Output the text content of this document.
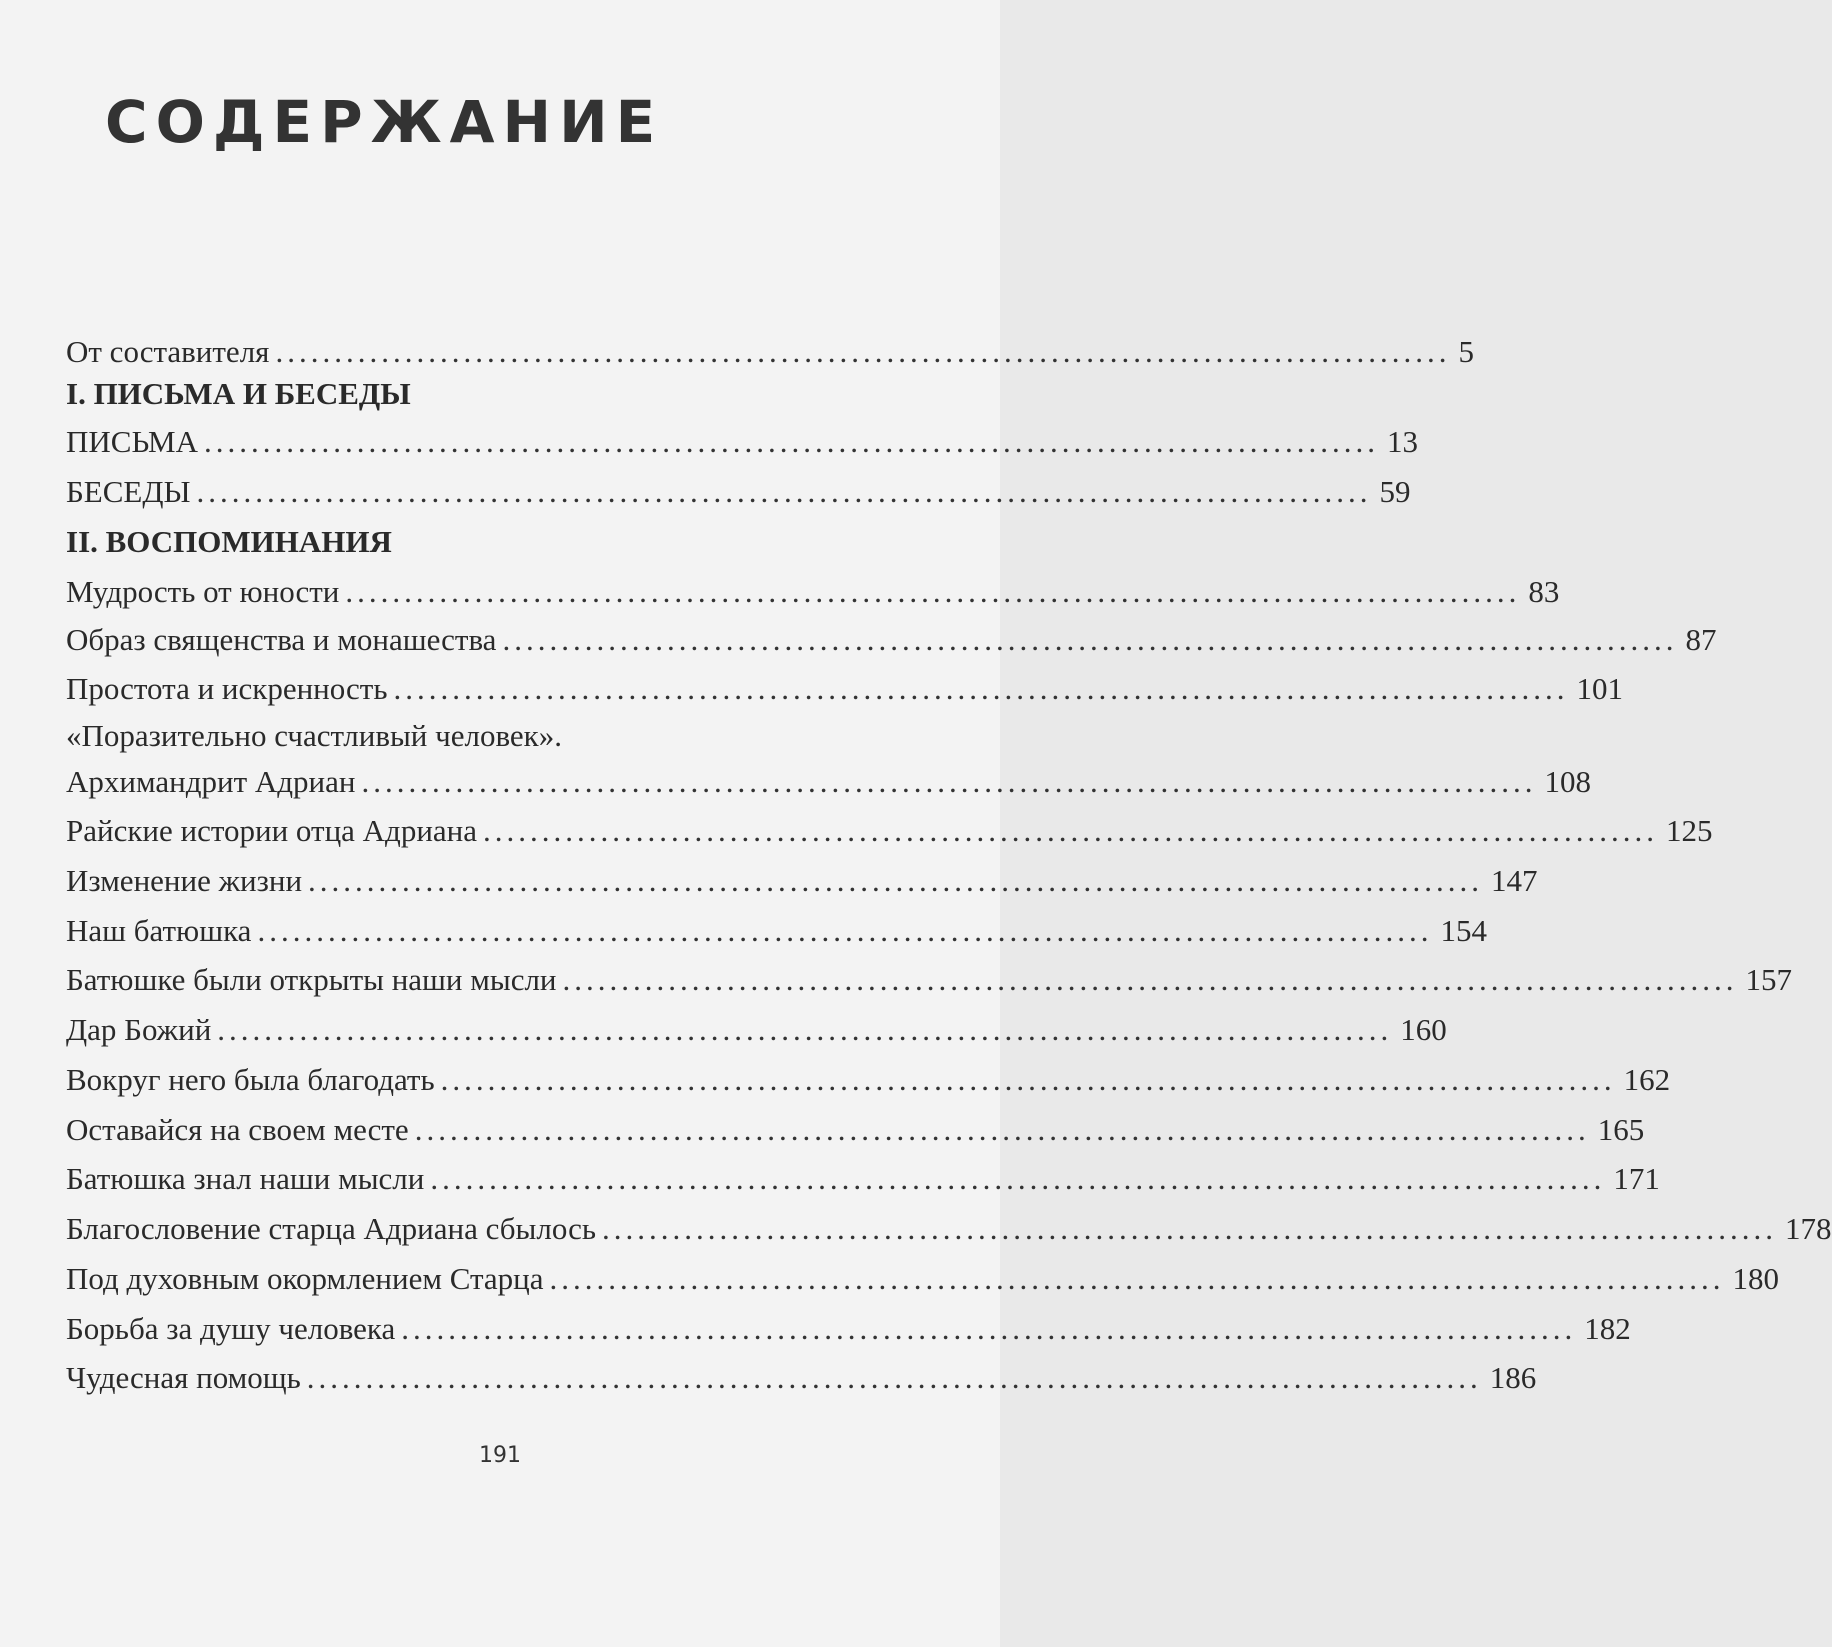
СОДЕРЖАНИЕ
От составителя .................................................................................................... 5
I. ПИСЬМА И БЕСЕДЫ
ПИСЬМА .................................................................................................... 13
БЕСЕДЫ .................................................................................................... 59
II. ВОСПОМИНАНИЯ
Мудрость от юности .................................................................................................... 83
Образ священства и монашества .................................................................................................... 87
Простота и искренность .................................................................................................... 101
«Поразительно счастливый человек».
Архимандрит Адриан .................................................................................................... 108
Райские истории отца Адриана .................................................................................................... 125
Изменение жизни .................................................................................................... 147
Наш батюшка .................................................................................................... 154
Батюшке были открыты наши мысли .................................................................................................... 157
Дар Божий .................................................................................................... 160
Вокруг него была благодать .................................................................................................... 162
Оставайся на своем месте .................................................................................................... 165
Батюшка знал наши мысли .................................................................................................... 171
Благословение старца Адриана сбылось .................................................................................................... 178
Под духовным окормлением Старца .................................................................................................... 180
Борьба за душу человека .................................................................................................... 182
Чудесная помощь .................................................................................................... 186
191
